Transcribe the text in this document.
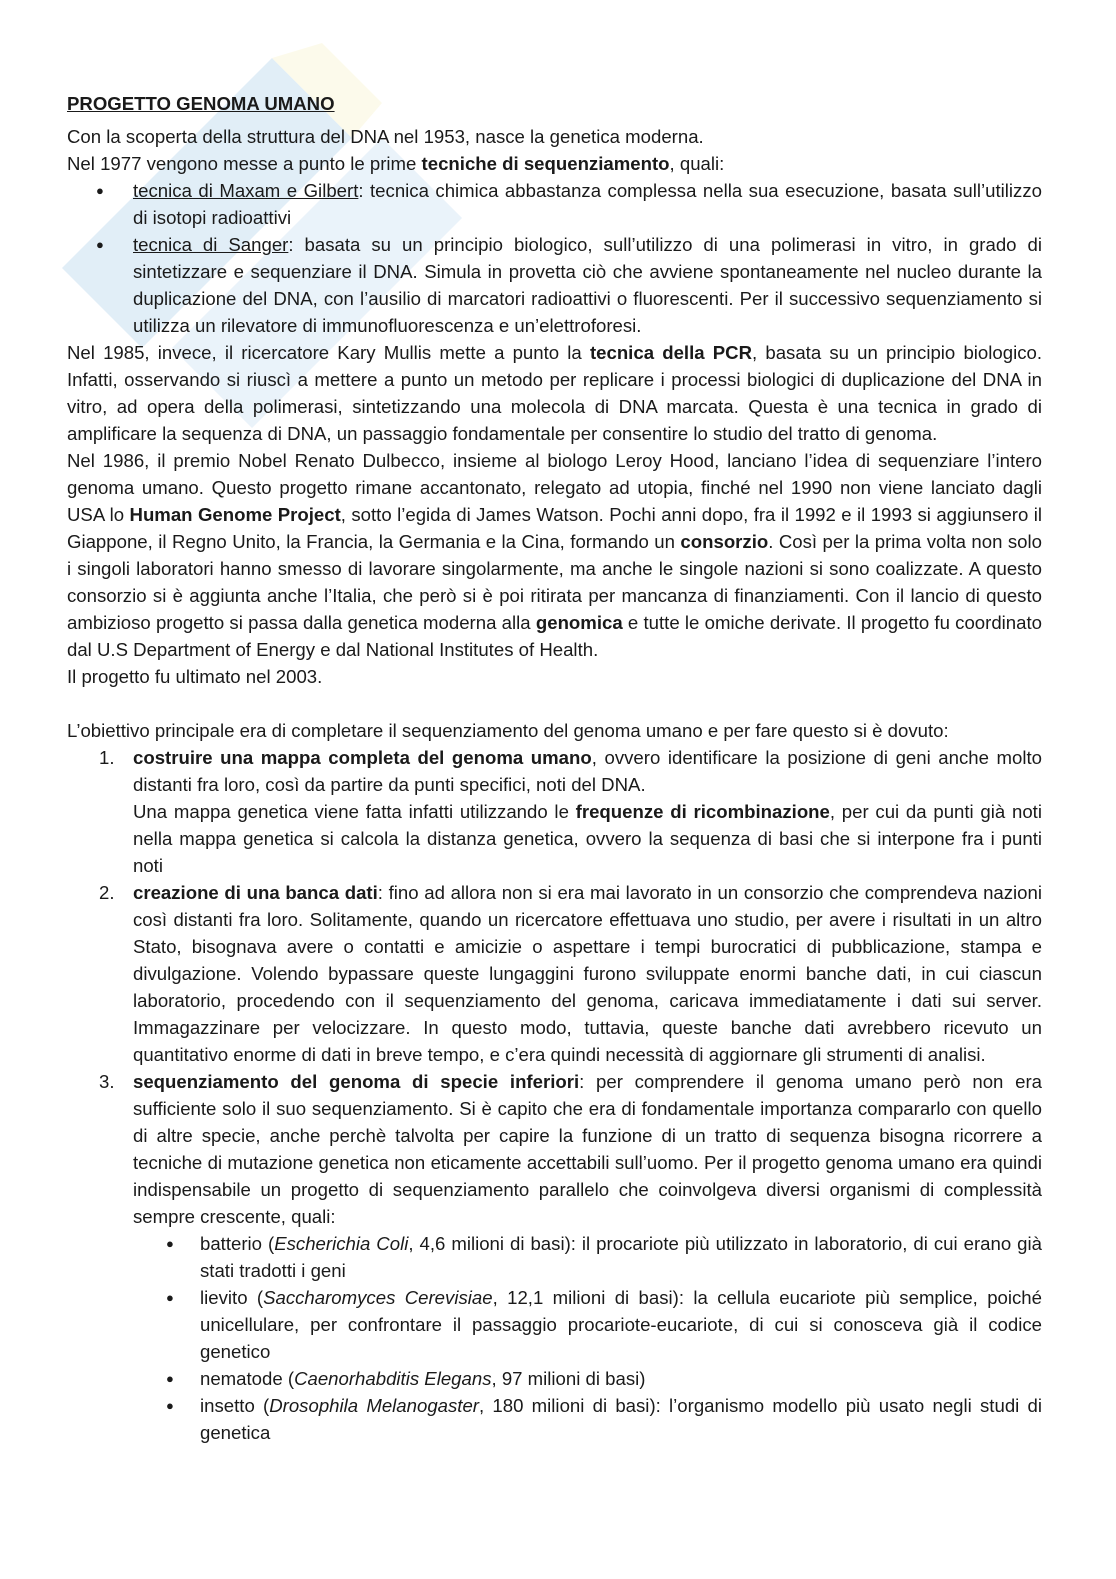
PROGETTO GENOMA UMANO

Con la scoperta della struttura del DNA nel 1953, nasce la genetica moderna.

Nel 1977 vengono messe a punto le prime tecniche di sequenziamento, quali:

● tecnica di Maxam e Gilbert: tecnica chimica abbastanza complessa nella sua esecuzione, basata sull’utilizzo di isotopi radioattivi
● tecnica di Sanger: basata su un principio biologico, sull’utilizzo di una polimerasi in vitro, in grado di sintetizzare e sequenziare il DNA. Simula in provetta ciò che avviene spontaneamente nel nucleo durante la duplicazione del DNA, con l’ausilio di marcatori radioattivi o fluorescenti. Per il successivo sequenziamento si utilizza un rilevatore di immunofluorescenza e un’elettroforesi.

Nel 1985, invece, il ricercatore Kary Mullis mette a punto la tecnica della PCR, basata su un principio biologico. Infatti, osservando si riuscì a mettere a punto un metodo per replicare i processi biologici di duplicazione del DNA in vitro, ad opera della polimerasi, sintetizzando una molecola di DNA marcata. Questa è una tecnica in grado di amplificare la sequenza di DNA, un passaggio fondamentale per consentire lo studio del tratto di genoma.

Nel 1986, il premio Nobel Renato Dulbecco, insieme al biologo Leroy Hood, lanciano l’idea di sequenziare l’intero genoma umano. Questo progetto rimane accantonato, relegato ad utopia, finché nel 1990 non viene lanciato dagli USA lo Human Genome Project, sotto l’egida di James Watson. Pochi anni dopo, fra il 1992 e il 1993 si aggiunsero il Giappone, il Regno Unito, la Francia, la Germania e la Cina, formando un consorzio. Così per la prima volta non solo i singoli laboratori hanno smesso di lavorare singolarmente, ma anche le singole nazioni si sono coalizzate. A questo consorzio si è aggiunta anche l’Italia, che però si è poi ritirata per mancanza di finanziamenti. Con il lancio di questo ambizioso progetto si passa dalla genetica moderna alla genomica e tutte le omiche derivate. Il progetto fu coordinato dal U.S Department of Energy e dal National Institutes of Health.

Il progetto fu ultimato nel 2003.

L’obiettivo principale era di completare il sequenziamento del genoma umano e per fare questo si è dovuto:

1. costruire una mappa completa del genoma umano, ovvero identificare la posizione di geni anche molto distanti fra loro, così da partire da punti specifici, noti del DNA.
Una mappa genetica viene fatta infatti utilizzando le frequenze di ricombinazione, per cui da punti già noti nella mappa genetica si calcola la distanza genetica, ovvero la sequenza di basi che si interpone fra i punti noti
2. creazione di una banca dati: fino ad allora non si era mai lavorato in un consorzio che comprendeva nazioni così distanti fra loro. Solitamente, quando un ricercatore effettuava uno studio, per avere i risultati in un altro Stato, bisognava avere o contatti e amicizie o aspettare i tempi burocratici di pubblicazione, stampa e divulgazione. Volendo bypassare queste lungaggini furono sviluppate enormi banche dati, in cui ciascun laboratorio, procedendo con il sequenziamento del genoma, caricava immediatamente i dati sui server. Immagazzinare per velocizzare. In questo modo, tuttavia, queste banche dati avrebbero ricevuto un quantitativo enorme di dati in breve tempo, e c’era quindi necessità di aggiornare gli strumenti di analisi.
3. sequenziamento del genoma di specie inferiori: per comprendere il genoma umano però non era sufficiente solo il suo sequenziamento. Si è capito che era di fondamentale importanza compararlo con quello di altre specie, anche perchè talvolta per capire la funzione di un tratto di sequenza bisogna ricorrere a tecniche di mutazione genetica non eticamente accettabili sull’uomo. Per il progetto genoma umano era quindi indispensabile un progetto di sequenziamento parallelo che coinvolgeva diversi organismi di complessità sempre crescente, quali:
● batterio (Escherichia Coli, 4,6 milioni di basi): il procariote più utilizzato in laboratorio, di cui erano già stati tradotti i geni
● lievito (Saccharomyces Cerevisiae, 12,1 milioni di basi): la cellula eucariote più semplice, poiché unicellulare, per confrontare il passaggio procariote-eucariote, di cui si conosceva già il codice genetico
● nematode (Caenorhabditis Elegans, 97 milioni di basi)
● insetto (Drosophila Melanogaster, 180 milioni di basi): l’organismo modello più usato negli studi di genetica
